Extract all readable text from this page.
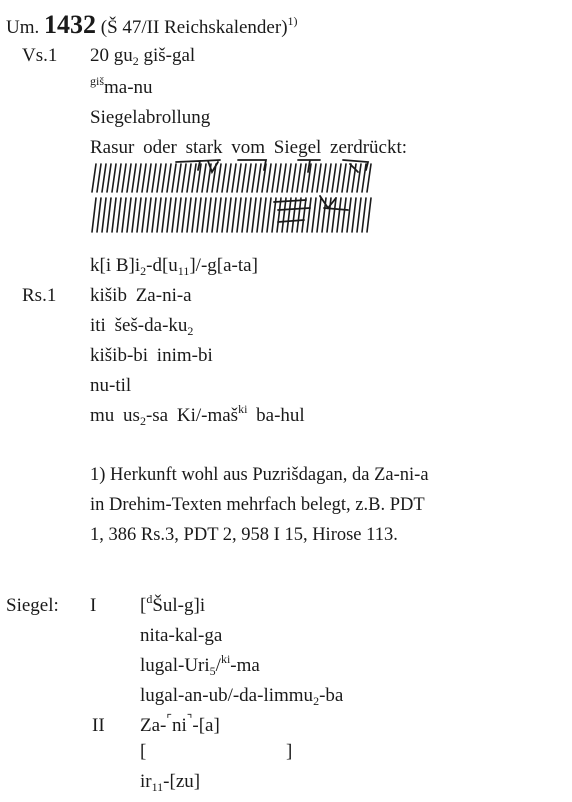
Um. 1432 (Š 47/II Reichskalender)$^{1)}$
Vs.1 20 $gu_2$ giš-gal
$^{giš}$ma-nu
Siegelabrollung
Rasur oder stark vom Siegel zerdrückt:
k[i $B]i_2-d[u_{11}]/-g[a-ta]$
Rs.1 kišib Za-ni-a
iti šeš-$da-ku_2$
kišib-bi inim-bi
nu-til
mu $us_2-sa$ Ki/-maš$^{ki}$ ba-hul
1) Herkunft wohl aus Puzrišdagan, da Za-ni-a
in Drehim-Texten mehrfach belegt, z.B. PDT
1, 386 Rs.3, PDT 2, 958 I 15, Hirose 113.
Siegel: I [$^d$Šul-g]i
nita-kal-ga
lugal-Uri$_5$/$^{ki}$-ma
lugal-an-ub/-da-limmu$_2$-ba
II Za-⌜ni⌝-[a]
[	]
$ir_{11}-[zu]$
